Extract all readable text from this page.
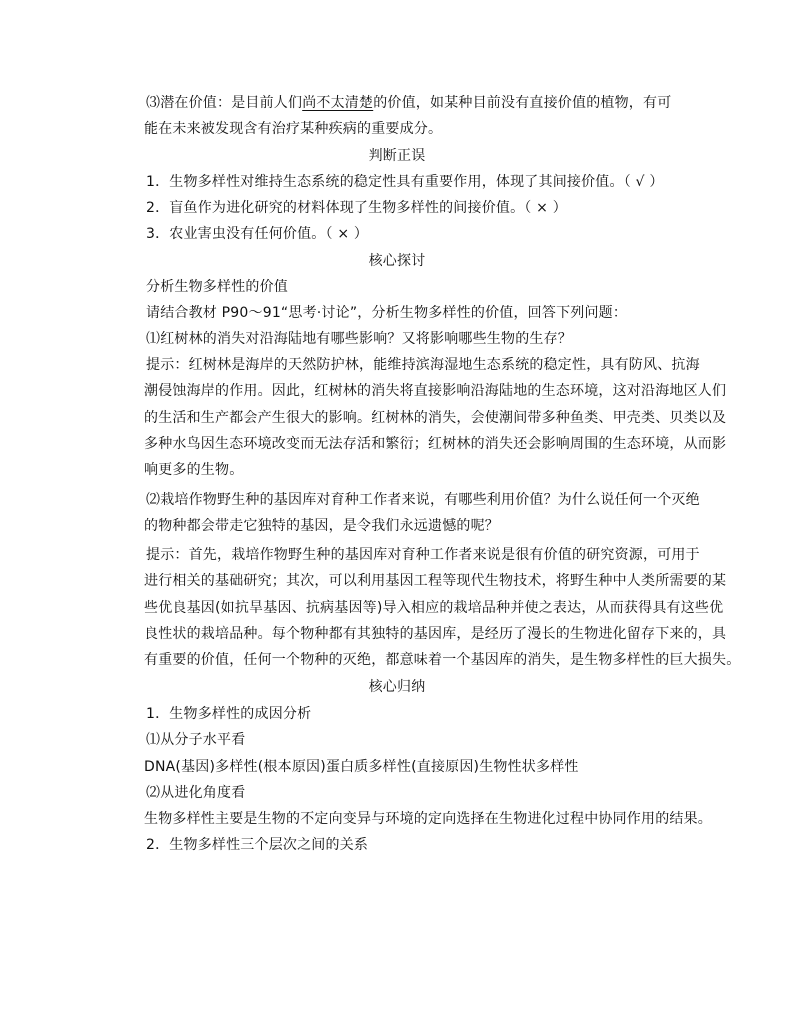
⑶潜在价值：是目前人们尚不太清楚的价值，如某种目前没有直接价值的植物，有可
能在未来被发现含有治疗某种疾病的重要成分。
判断正误
1．生物多样性对维持生态系统的稳定性具有重要作用，体现了其间接价值。（ √ ）
2．盲鱼作为进化研究的材料体现了生物多样性的间接价值。（ × ）
3．农业害虫没有任何价值。（ × ）
核心探讨
分析生物多样性的价值
请结合教材 P90～91“思考·讨论”，分析生物多样性的价值，回答下列问题：
⑴红树林的消失对沿海陆地有哪些影响？又将影响哪些生物的生存？
提示：红树林是海岸的天然防护林，能维持滨海湿地生态系统的稳定性，具有防风、抗海
潮侵蚀海岸的作用。因此，红树林的消失将直接影响沿海陆地的生态环境，这对沿海地区人们
的生活和生产都会产生很大的影响。红树林的消失，会使潮间带多种鱼类、甲壳类、贝类以及
多种水鸟因生态环境改变而无法存活和繁衍；红树林的消失还会影响周围的生态环境，从而影
响更多的生物。
⑵栽培作物野生种的基因库对育种工作者来说，有哪些利用价值？为什么说任何一个灭绝
的物种都会带走它独特的基因，是令我们永远遗憾的呢？
提示：首先，栽培作物野生种的基因库对育种工作者来说是很有价值的研究资源，可用于
进行相关的基础研究；其次，可以利用基因工程等现代生物技术，将野生种中人类所需要的某
些优良基因(如抗旱基因、抗病基因等)导入相应的栽培品种并使之表达，从而获得具有这些优
良性状的栽培品种。每个物种都有其独特的基因库，是经历了漫长的生物进化留存下来的，具
有重要的价值，任何一个物种的灭绝，都意味着一个基因库的消失，是生物多样性的巨大损失。
核心归纳
1．生物多样性的成因分析
⑴从分子水平看
DNA(基因)多样性(根本原因)蛋白质多样性(直接原因)生物性状多样性
⑵从进化角度看
生物多样性主要是生物的不定向变异与环境的定向选择在生物进化过程中协同作用的结果。
2．生物多样性三个层次之间的关系
